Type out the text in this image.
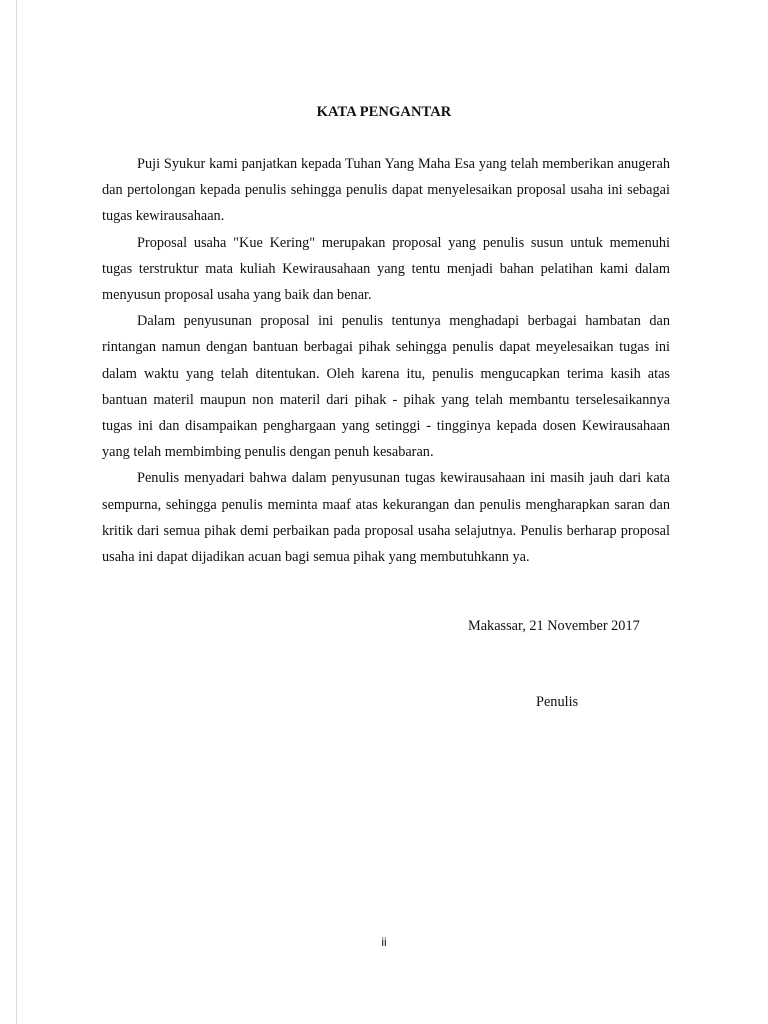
KATA PENGANTAR

Puji Syukur kami panjatkan kepada Tuhan Yang Maha Esa yang telah memberikan anugerah dan pertolongan kepada penulis sehingga penulis dapat menyelesaikan proposal usaha ini sebagai tugas kewirausahaan.

Proposal usaha "Kue Kering" merupakan proposal yang penulis susun untuk memenuhi tugas terstruktur mata kuliah Kewirausahaan yang tentu menjadi bahan pelatihan kami dalam menyusun proposal usaha yang baik dan benar.

Dalam penyusunan proposal ini penulis tentunya menghadapi berbagai hambatan dan rintangan namun dengan bantuan berbagai pihak sehingga penulis dapat meyelesaikan tugas ini dalam waktu yang telah ditentukan. Oleh karena itu, penulis mengucapkan terima kasih atas bantuan materil maupun non materil dari pihak - pihak yang telah membantu terselesaikannya tugas ini dan disampaikan penghargaan yang setinggi - tingginya kepada dosen Kewirausahaan yang telah membimbing penulis dengan penuh kesabaran.

Penulis menyadari bahwa dalam penyusunan tugas kewirausahaan ini masih jauh dari kata sempurna, sehingga penulis meminta maaf atas kekurangan dan penulis mengharapkan saran dan kritik dari semua pihak demi perbaikan pada proposal usaha selajutnya. Penulis berharap proposal usaha ini dapat dijadikan acuan bagi semua pihak yang membutuhkann ya.

Makassar, 21 November 2017
Penulis
ii
